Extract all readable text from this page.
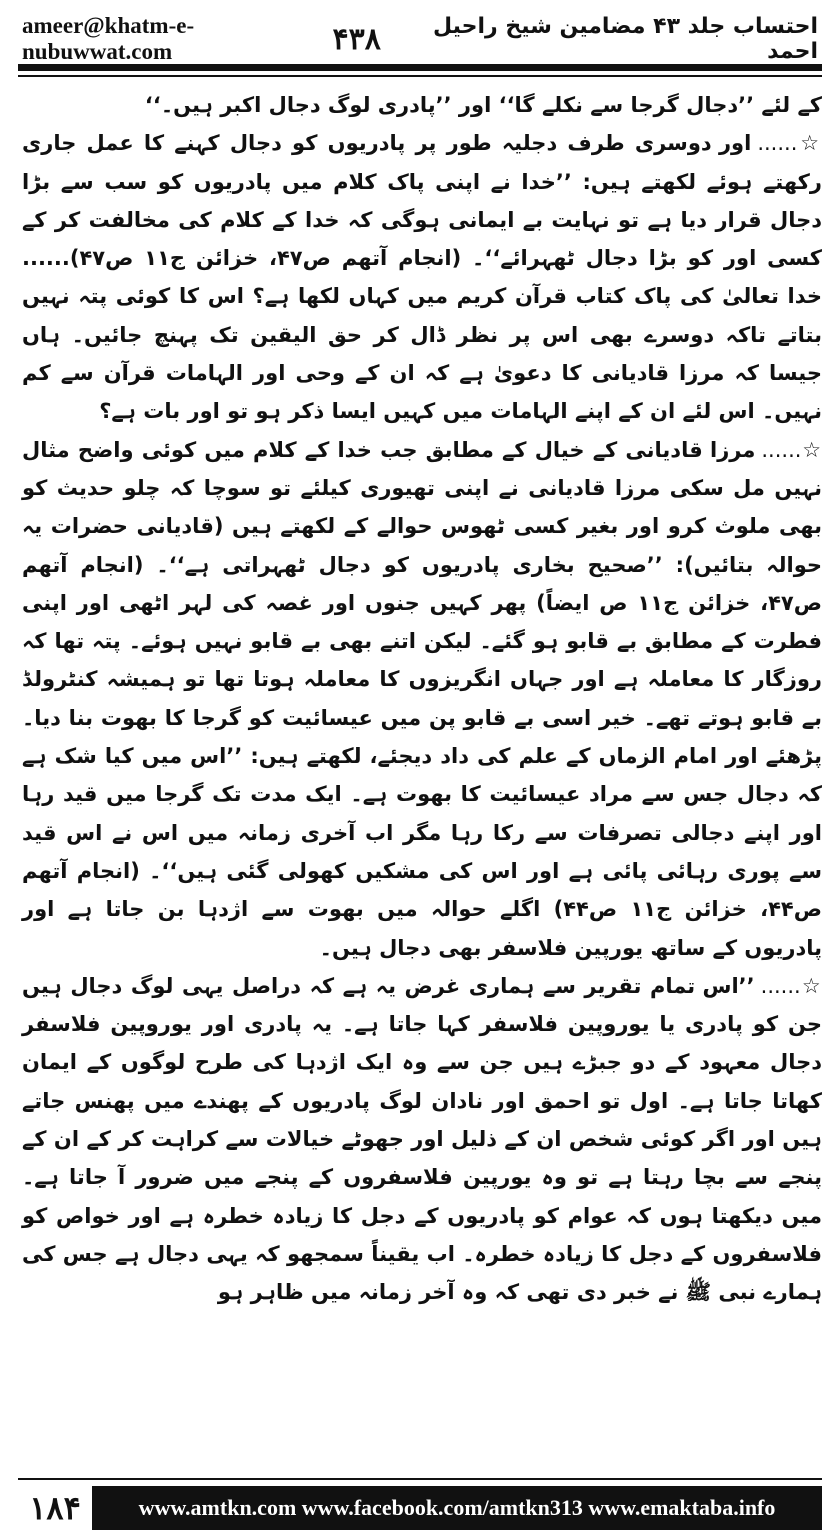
ameer@khatm-e-nubuwwat.com
احتساب جلد ۴۳ مضامین شیخ راحیل احمد
۴۳۸

کے لئے ’’دجال گرجا سے نکلے گا‘‘ اور ’’پادری لوگ دجال اکبر ہیں۔‘‘

☆......اور دوسری طرف دجلیہ طور پر پادریوں کو دجال کہنے کا عمل جاری رکھتے ہوئے لکھتے ہیں: ’’خدا نے اپنی پاک کلام میں پادریوں کو سب سے بڑا دجال قرار دیا ہے تو نہایت بے ایمانی ہوگی کہ خدا کے کلام کی مخالفت کر کے کسی اور کو بڑا دجال ٹھہرائے‘‘۔ (انجام آتھم ص۴۷، خزائن ج۱۱ ص۴۷)...... خدا تعالیٰ کی پاک کتاب قرآن کریم میں کہاں لکھا ہے؟ اس کا کوئی پتہ نہیں بتاتے تاکہ دوسرے بھی اس پر نظر ڈال کر حق الیقین تک پہنچ جائیں۔ ہاں جیسا کہ مرزا قادیانی کا دعویٰ ہے کہ ان کے وحی اور الہامات قرآن سے کم نہیں۔ اس لئے ان کے اپنے الہامات میں کہیں ایسا ذکر ہو تو اور بات ہے؟

☆......مرزا قادیانی کے خیال کے مطابق جب خدا کے کلام میں کوئی واضح مثال نہیں مل سکی مرزا قادیانی نے اپنی تھیوری کیلئے تو سوچا کہ چلو حدیث کو بھی ملوث کرو اور بغیر کسی ٹھوس حوالے کے لکھتے ہیں (قادیانی حضرات یہ حوالہ بتائیں): ’’صحیح بخاری پادریوں کو دجال ٹھہراتی ہے‘‘۔ (انجام آتھم ص۴۷، خزائن ج۱۱ ص ایضاً) پھر کہیں جنوں اور غصہ کی لہر اٹھی اور اپنی فطرت کے مطابق بے قابو ہو گئے۔ لیکن اتنے بھی بے قابو نہیں ہوئے۔ پتہ تھا کہ روزگار کا معاملہ ہے اور جہاں انگریزوں کا معاملہ ہوتا تھا تو ہمیشہ کنٹرولڈ بے قابو ہوتے تھے۔ خیر اسی بے قابو پن میں عیسائیت کو گرجا کا بھوت بنا دیا۔ پڑھئے اور امام الزماں کے علم کی داد دیجئے، لکھتے ہیں: ’’اس میں کیا شک ہے کہ دجال جس سے مراد عیسائیت کا بھوت ہے۔ ایک مدت تک گرجا میں قید رہا اور اپنے دجالی تصرفات سے رکا رہا مگر اب آخری زمانہ میں اس نے اس قید سے پوری رہائی پائی ہے اور اس کی مشکیں کھولی گئی ہیں‘‘۔ (انجام آتھم ص۴۴، خزائن ج۱۱ ص۴۴) اگلے حوالہ میں بھوت سے اژدہا بن جاتا ہے اور پادریوں کے ساتھ یورپین فلاسفر بھی دجال ہیں۔

☆......’’اس تمام تقریر سے ہماری غرض یہ ہے کہ دراصل یہی لوگ دجال ہیں جن کو پادری یا یوروپین فلاسفر کہا جاتا ہے۔ یہ پادری اور یوروپین فلاسفر دجال معہود کے دو جبڑے ہیں جن سے وہ ایک اژدہا کی طرح لوگوں کے ایمان کھاتا جاتا ہے۔ اول تو احمق اور نادان لوگ پادریوں کے پھندے میں پھنس جاتے ہیں اور اگر کوئی شخص ان کے ذلیل اور جھوٹے خیالات سے کراہت کر کے ان کے پنجے سے بچا رہتا ہے تو وہ یورپین فلاسفروں کے پنجے میں ضرور آ جاتا ہے۔ میں دیکھتا ہوں کہ عوام کو پادریوں کے دجل کا زیادہ خطرہ ہے اور خواص کو فلاسفروں کے دجل کا زیادہ خطرہ۔ اب یقیناً سمجھو کہ یہی دجال ہے جس کی ہمارے نبی ﷺ نے خبر دی تھی کہ وہ آخر زمانہ میں ظاہر ہو

۱۸۴	www.amtkn.com www.facebook.com/amtkn313 www.emaktaba.info
